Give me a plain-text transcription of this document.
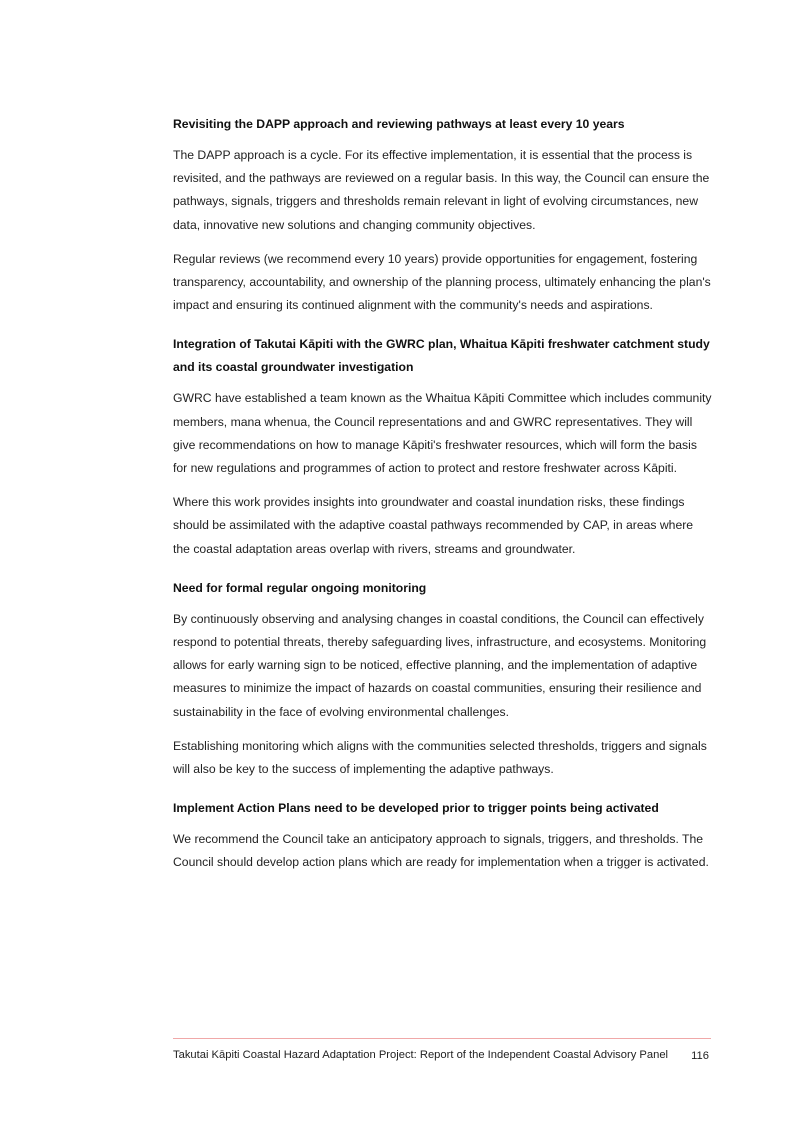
Revisiting the DAPP approach and reviewing pathways at least every 10 years

The DAPP approach is a cycle. For its effective implementation, it is essential that the process is revisited, and the pathways are reviewed on a regular basis. In this way, the Council can ensure the pathways, signals, triggers and thresholds remain relevant in light of evolving circumstances, new data, innovative new solutions and changing community objectives.

Regular reviews (we recommend every 10 years) provide opportunities for engagement, fostering transparency, accountability, and ownership of the planning process, ultimately enhancing the plan's impact and ensuring its continued alignment with the community's needs and aspirations.

Integration of Takutai Kāpiti with the GWRC plan, Whaitua Kāpiti freshwater catchment study and its coastal groundwater investigation

GWRC have established a team known as the Whaitua Kāpiti Committee which includes community members, mana whenua, the Council representations and and GWRC representatives. They will give recommendations on how to manage Kāpiti's freshwater resources, which will form the basis for new regulations and programmes of action to protect and restore freshwater across Kāpiti.

Where this work provides insights into groundwater and coastal inundation risks, these findings should be assimilated with the adaptive coastal pathways recommended by CAP, in areas where the coastal adaptation areas overlap with rivers, streams and groundwater.

Need for formal regular ongoing monitoring

By continuously observing and analysing changes in coastal conditions, the Council can effectively respond to potential threats, thereby safeguarding lives, infrastructure, and ecosystems. Monitoring allows for early warning sign to be noticed, effective planning, and the implementation of adaptive measures to minimize the impact of hazards on coastal communities, ensuring their resilience and sustainability in the face of evolving environmental challenges.

Establishing monitoring which aligns with the communities selected thresholds, triggers and signals will also be key to the success of implementing the adaptive pathways.

Implement Action Plans need to be developed prior to trigger points being activated

We recommend the Council take an anticipatory approach to signals, triggers, and thresholds. The Council should develop action plans which are ready for implementation when a trigger is activated.

Takutai Kāpiti Coastal Hazard Adaptation Project: Report of the Independent Coastal Advisory Panel	116
